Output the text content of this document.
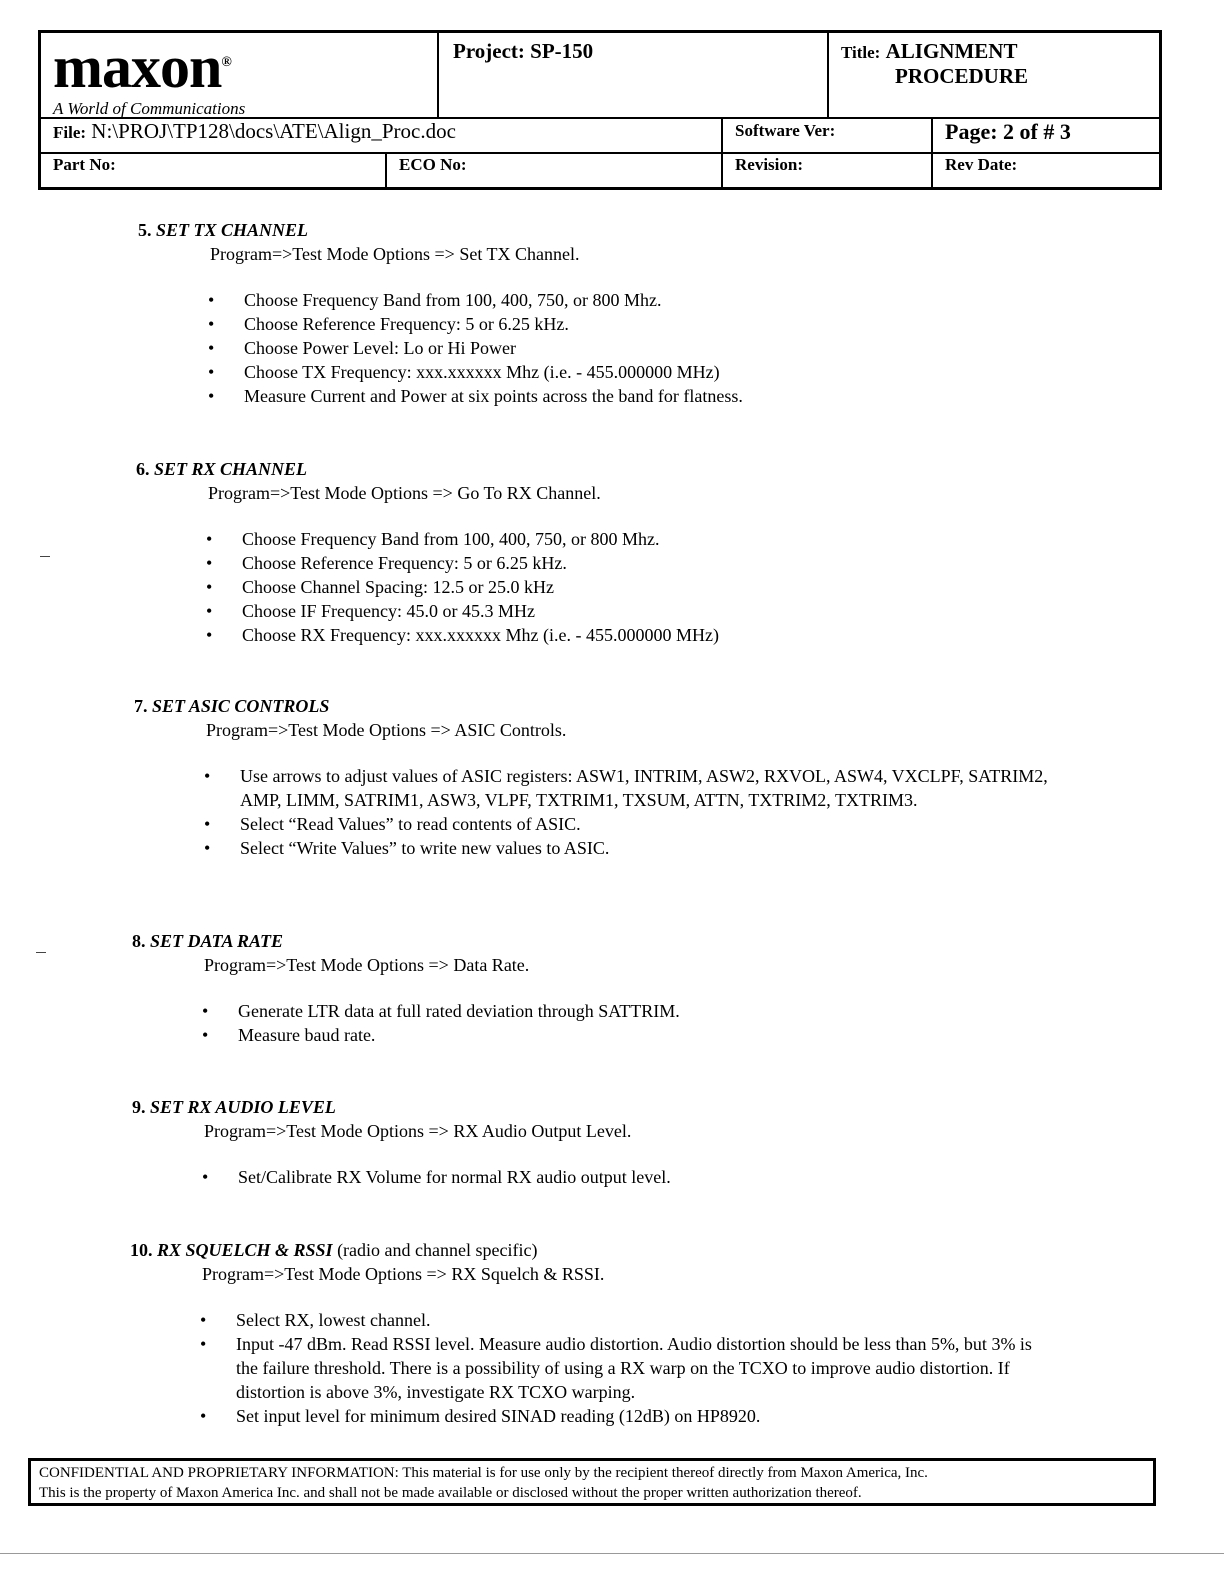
maxon®
A World of Communications
Project: SP-150	Title: ALIGNMENT
PROCEDURE
File: N:\PROJ\TP128\docs\ATE\Align_Proc.doc	Software Ver:	Page: 2 of # 3
Part No:	ECO No:	Revision:	Rev Date:
5. SET TX CHANNEL
Program=>Test Mode Options => Set TX Channel.
• Choose Frequency Band from 100, 400, 750, or 800 Mhz.
• Choose Reference Frequency: 5 or 6.25 kHz.
• Choose Power Level: Lo or Hi Power
• Choose TX Frequency: xxx.xxxxxx Mhz (i.e. - 455.000000 MHz)
• Measure Current and Power at six points across the band for flatness.
6. SET RX CHANNEL
Program=>Test Mode Options => Go To RX Channel.
• Choose Frequency Band from 100, 400, 750, or 800 Mhz.
• Choose Reference Frequency: 5 or 6.25 kHz.
• Choose Channel Spacing: 12.5 or 25.0 kHz
• Choose IF Frequency: 45.0 or 45.3 MHz
• Choose RX Frequency: xxx.xxxxxx Mhz (i.e. - 455.000000 MHz)
7. SET ASIC CONTROLS
Program=>Test Mode Options => ASIC Controls.
• Use arrows to adjust values of ASIC registers: ASW1, INTRIM, ASW2, RXVOL, ASW4, VXCLPF, SATRIM2, AMP, LIMM, SATRIM1, ASW3, VLPF, TXTRIM1, TXSUM, ATTN, TXTRIM2, TXTRIM3.
• Select “Read Values” to read contents of ASIC.
• Select “Write Values” to write new values to ASIC.
8. SET DATA RATE
Program=>Test Mode Options => Data Rate.
• Generate LTR data at full rated deviation through SATTRIM.
• Measure baud rate.
9. SET RX AUDIO LEVEL
Program=>Test Mode Options => RX Audio Output Level.
• Set/Calibrate RX Volume for normal RX audio output level.
10. RX SQUELCH & RSSI (radio and channel specific)
Program=>Test Mode Options => RX Squelch & RSSI.
• Select RX, lowest channel.
• Input -47 dBm. Read RSSI level. Measure audio distortion. Audio distortion should be less than 5%, but 3% is the failure threshold. There is a possibility of using a RX warp on the TCXO to improve audio distortion. If distortion is above 3%, investigate RX TCXO warping.
• Set input level for minimum desired SINAD reading (12dB) on HP8920.
CONFIDENTIAL AND PROPRIETARY INFORMATION: This material is for use only by the recipient thereof directly from Maxon America, Inc.
This is the property of Maxon America Inc. and shall not be made available or disclosed without the proper written authorization thereof.
